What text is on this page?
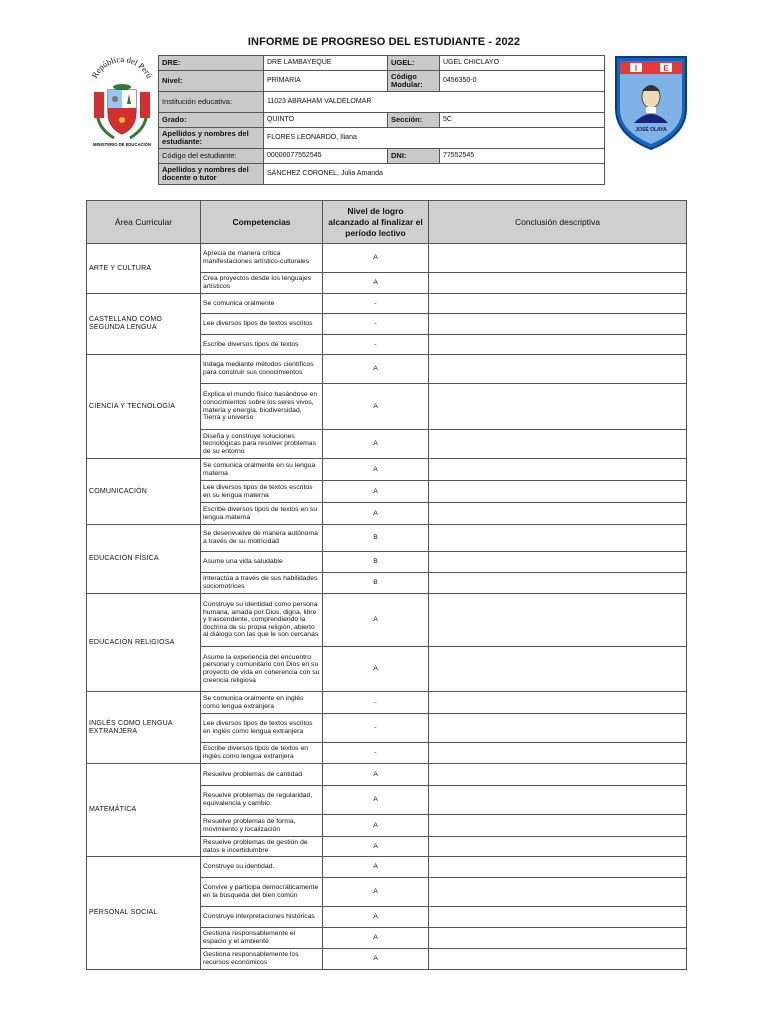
INFORME DE PROGRESO DEL ESTUDIANTE - 2022
República del Perú
MINISTERIO DE EDUCACIÓN
I	E
JOSÉ OLAYA
DRE:	DRE LAMBAYEQUE	UGEL:	UGEL CHICLAYO
Nivel:	PRIMARIA	Código Modular:	0456350-0
Institución educativa:	11023 ABRAHAM VALDELOMAR		
Grado:	QUINTO	Sección:	5C
Apellidos y nombres del estudiante:	FLORES LEONARDO, Iliana		
Código del estudiante:	00000077552545	DNI:	77552545
Apellidos y nombres del docente o tutor	SANCHEZ CORONEL, Julia Amanda		
Área Curricular	Competencias	Nivel de logro alcanzado al finalizar el período lectivo	Conclusión descriptiva
ARTE Y CULTURA	Aprecia de manera crítica manifestaciones artístico-culturales	A	
	Crea proyectos desde los lenguajes artísticos	A	
CASTELLANO COMO SEGUNDA LENGUA	Se comunica oralmente	-	
	Lee diversos tipos de textos escritos	-	
	Escribe diversos tipos de textos	-	
CIENCIA Y TECNOLOGÍA	Indaga mediante métodos científicos para construir sus conocimientos	A	
	Explica el mundo físico basándose en conocimientos sobre los seres vivos, materia y energía, biodiversidad, Tierra y universo	A	
	Diseña y construye soluciones tecnológicas para resolver problemas de su entorno	A	
COMUNICACIÓN	Se comunica oralmente en su lengua materna	A	
	Lee diversos tipos de textos escritos en su lengua materna	A	
	Escribe diversos tipos de textos en su lengua materna	A	
EDUCACIÓN FÍSICA	Se desenvuelve de manera autónoma a través de su motricidad	B	
	Asume una vida saludable	B	
	Interactúa a través de sus habilidades sociomotrices	B	
EDUCACIÓN RELIGIOSA	Construye su identidad como persona humana, amada por Dios, digna, libre y trascendente, comprendiendo la doctrina de su propia religión, abierto al diálogo con las que le son cercanas	A	
	Asume la experiencia del encuentro personal y comunitario con Dios en su proyecto de vida en coherencia con su creencia religiosa	A	
INGLÉS COMO LENGUA EXTRANJERA	Se comunica oralmente en inglés como lengua extranjera	-	
	Lee diversos tipos de textos escritos en inglés como lengua extranjera	-	
	Escribe diversos tipos de textos en inglés como lengua extranjera	-	
MATEMÁTICA	Resuelve problemas de cantidad	A	
	Resuelve problemas de regularidad, equivalencia y cambio	A	
	Resuelve problemas de forma, movimiento y localización	A	
	Resuelve problemas de gestión de datos e incertidumbre	A	
PERSONAL SOCIAL	Construye su identidad.	A	
	Convive y participa democráticamente en la búsqueda del bien común	A	
	Construye interpretaciones históricas	A	
	Gestiona responsablemente el espacio y el ambiente	A	
	Gestiona responsablemente los recursos económicos	A	
